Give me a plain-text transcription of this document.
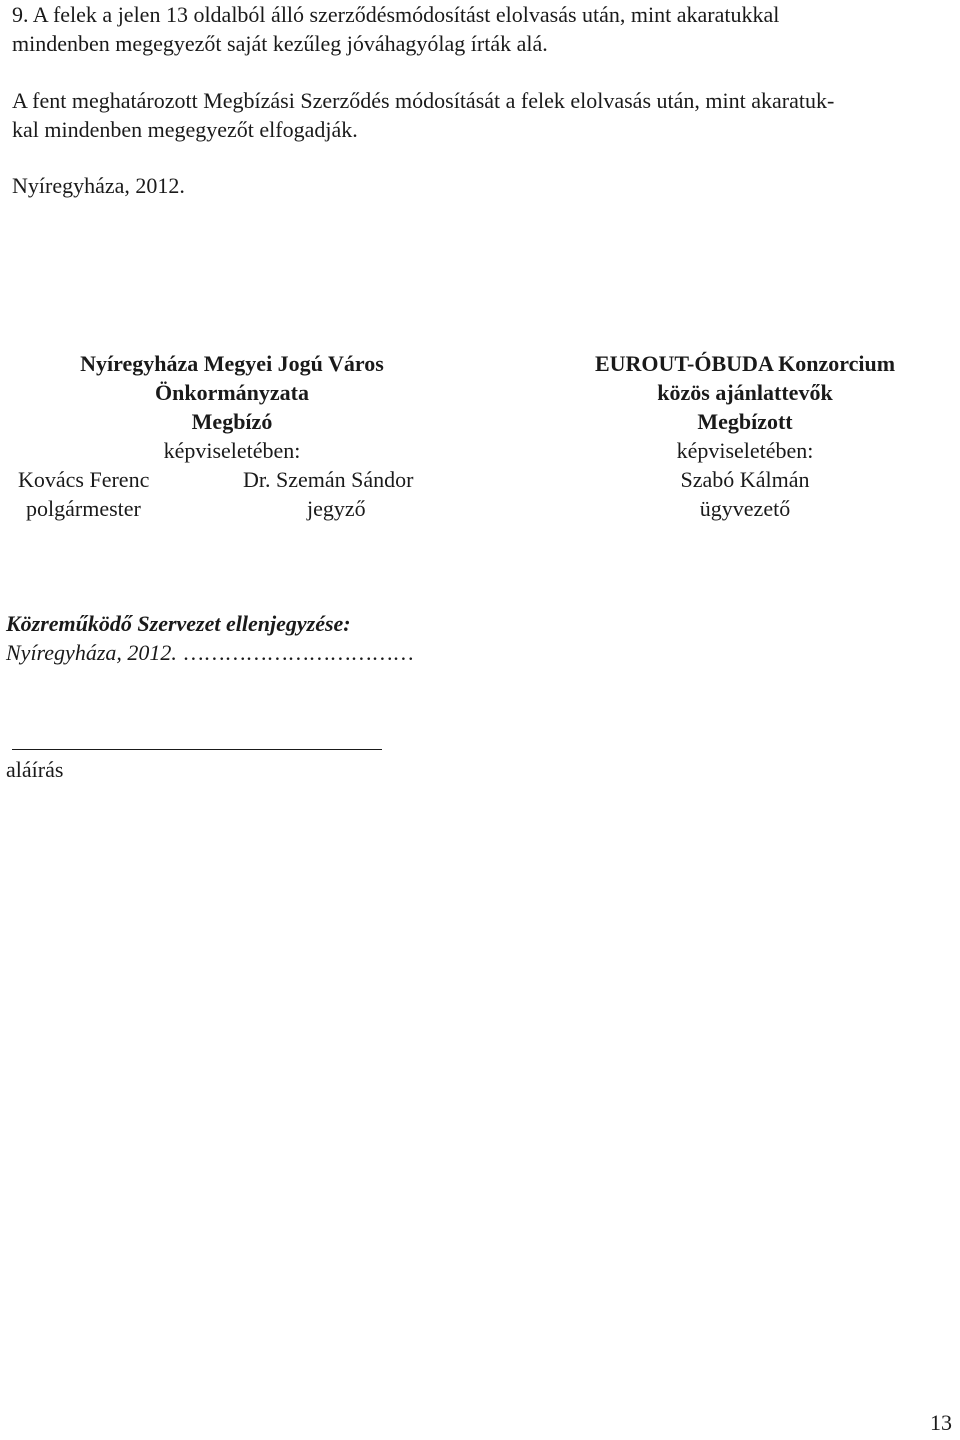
9. A felek a jelen 13 oldalból álló szerződésmódosítást elolvasás után, mint akaratukkal
mindenben megegyezőt saját kezűleg jóváhagyólag írták alá.

A fent meghatározott Megbízási Szerződés módosítását a felek elolvasás után, mint akaratuk-
kal mindenben megegyezőt elfogadják.

Nyíregyháza, 2012.
Nyíregyháza Megyei Jogú Város
Önkormányzata
Megbízó
képviseletében:
Kovács Ferenc
polgármester
Dr. Szemán Sándor
jegyző
EUROUT-ÓBUDA Konzorcium
közös ajánlattevők
Megbízott
képviseletében:
Szabó Kálmán
ügyvezető
Közreműködő Szervezet ellenjegyzése:
Nyíregyháza, 2012. ……………………………
aláírás
13
